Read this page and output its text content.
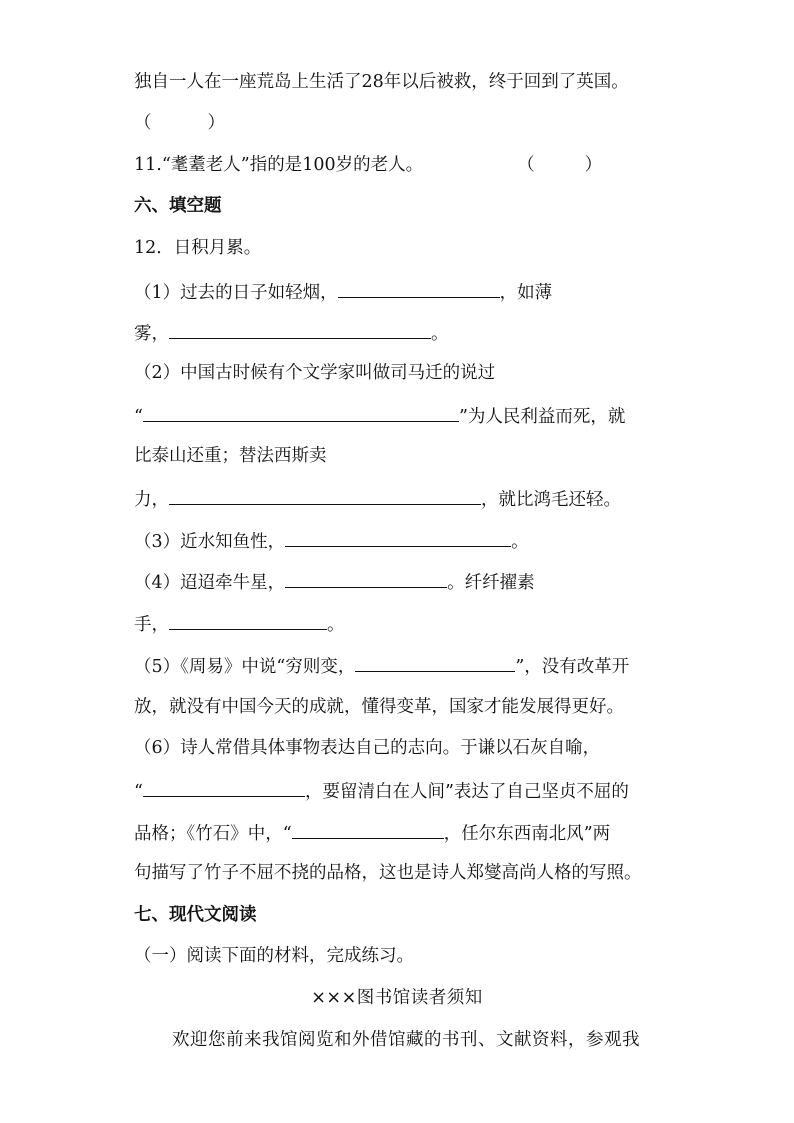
独自一人在一座荒岛上生活了28年以后被救，终于回到了英国。
（	）
11.“耄耋老人”指的是100岁的老人。	（	）
六、填空题
12．日积月累。
（1）过去的日子如轻烟，	，如薄
雾，	。
（2）中国古时候有个文学家叫做司马迁的说过
“	”为人民利益而死，就
比泰山还重；替法西斯卖
力，	，就比鸿毛还轻。
（3）近水知鱼性，	。
（4）迢迢牵牛星，	。纤纤擢素
手，	。
（5）《周易》中说“穷则变，	”，没有改革开
放，就没有中国今天的成就，懂得变革，国家才能发展得更好。
（6）诗人常借具体事物表达自己的志向。于谦以石灰自喻，
“	，要留清白在人间”表达了自己坚贞不屈的
品格；《竹石》中，“	，任尔东西南北风”两
句描写了竹子不屈不挠的品格，这也是诗人郑燮高尚人格的写照。
七、现代文阅读
（一）阅读下面的材料，完成练习。
×××图书馆读者须知
欢迎您前来我馆阅览和外借馆藏的书刊、文献资料，参观我
